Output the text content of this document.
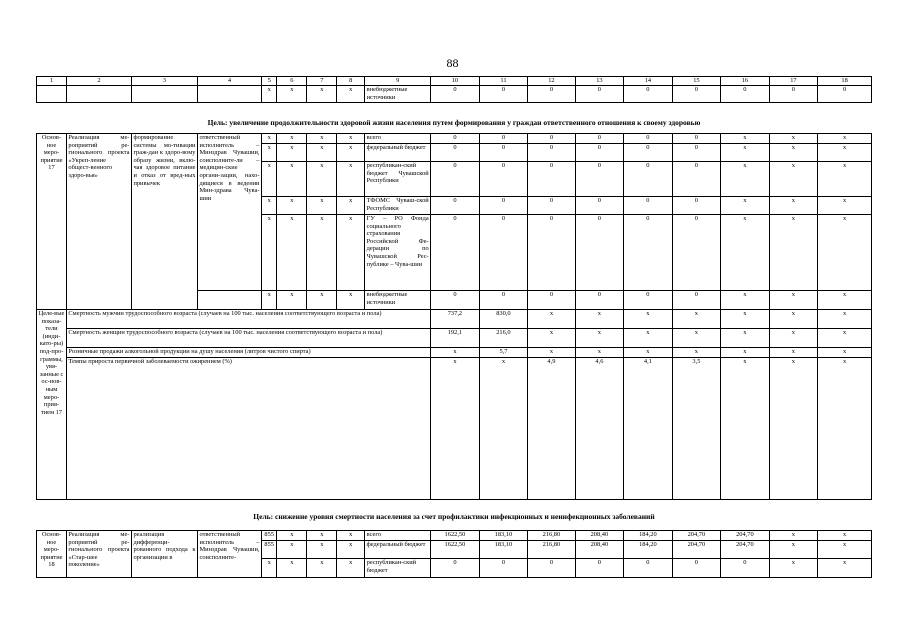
88
1	2	3	4	5	6	7	8	9	10	11	12	13	14	15	16	17	18
				x	x	x	x	внебюджетные источники	0	0	0	0	0	0	0	0	0
Цель: увеличение продолжительности здоровой жизни населения путем формирования у граждан ответственного отношения к своему здоровью
Основ-ное меро-приятие 17	Реализация ме-роприятий ре-гионального проекта «Укреп-ление общест-венного здоро-вья»	формирование системы мо-тивации граж-дан к здоро-вому образу жизни, вклю-чая здоровое питание и отказ от вред-ных привычек	ответственный исполнитель – Минздрав Чувашии, соисполните-ли – медицин-ские органи-зации, нахо-дящиеся в ведении Мин-здрава Чува-шии	x	x	x	x	всего	0	0	0	0	0	0	x	x	x
				x	x	x	x	федеральный бюджет	0	0	0	0	0	0	x	x	x
				x	x	x	x	республикан-ский бюджет Чувашской Республики	0	0	0	0	0	0	x	x	x
				x	x	x	x	ТФОМС Чуваш-ской Республики	0	0	0	0	0	0	x	x	x
				x	x	x	x	ГУ – РО Фонда социального страхования Российской Фе-дерации по Чувашской Рес-публике – Чува-шии	0	0	0	0	0	0	x	x	x
				x	x	x	x	внебюджетные источники	0	0	0	0	0	0	x	x	x
Целе-вые показа-тели (инди-като-ры) под-про-граммы, увя-занные с ос-нов-ным меро-прия-тием 17	Смертность мужчин трудоспособного возраста (случаев на 100 тыс. населения соответствующего возраста и пола)								737,2	830,0	x	x	x	x	x	x	x
	Смертность женщин трудоспособного возраста (случаев на 100 тыс. населения соответствующего возраста и пола)								192,1	216,0	x	x	x	x	x	x	x
	Розничные продажи алкогольной продукции на душу населения (литров чистого спирта)								x	5,7	x	x	x	x	x	x	x
	Темпы прироста первичной заболеваемости ожирением (%)								x	x	4,9	4,6	4,1	3,5	x	x	x
Цель: снижение уровня смертности населения за счет профилактики инфекционных и неинфекционных заболеваний
Основ-ное меро-приятие 18	Реализация ме-роприятий ре-гионального проекта «Стар-шее поколение»	реализация дифференци-рованного подхода к организации в	ответственный исполнитель – Минздрав Чувашии, соисполните-	855	x	x	x	всего	1622,50	183,10	216,80	208,40	184,20	204,70	204,70	x	x
				855	x	x	x	федеральный бюджет	1622,50	183,10	216,80	208,40	184,20	204,70	204,70	x	x
				x	x	x	x	республикан-ский бюджет	0	0	0	0	0	0	0	x	x
